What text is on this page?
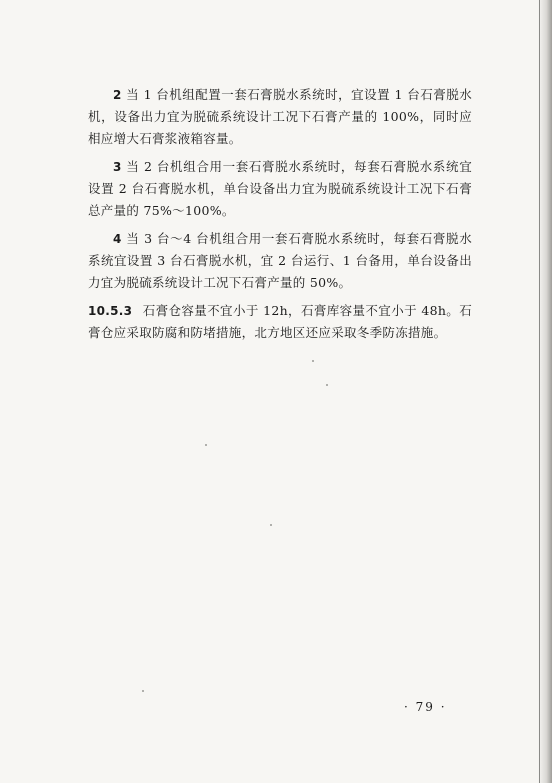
2 当 1 台机组配置一套石膏脱水系统时，宜设置 1 台石膏脱水机，设备出力宜为脱硫系统设计工况下石膏产量的 100%，同时应相应增大石膏浆液箱容量。

3 当 2 台机组合用一套石膏脱水系统时，每套石膏脱水系统宜设置 2 台石膏脱水机，单台设备出力宜为脱硫系统设计工况下石膏总产量的 75%～100%。

4 当 3 台～4 台机组合用一套石膏脱水系统时，每套石膏脱水系统宜设置 3 台石膏脱水机，宜 2 台运行、1 台备用，单台设备出力宜为脱硫系统设计工况下石膏产量的 50%。

10.5.3 石膏仓容量不宜小于 12h，石膏库容量不宜小于 48h。石膏仓应采取防腐和防堵措施，北方地区还应采取冬季防冻措施。

· 79 ·
